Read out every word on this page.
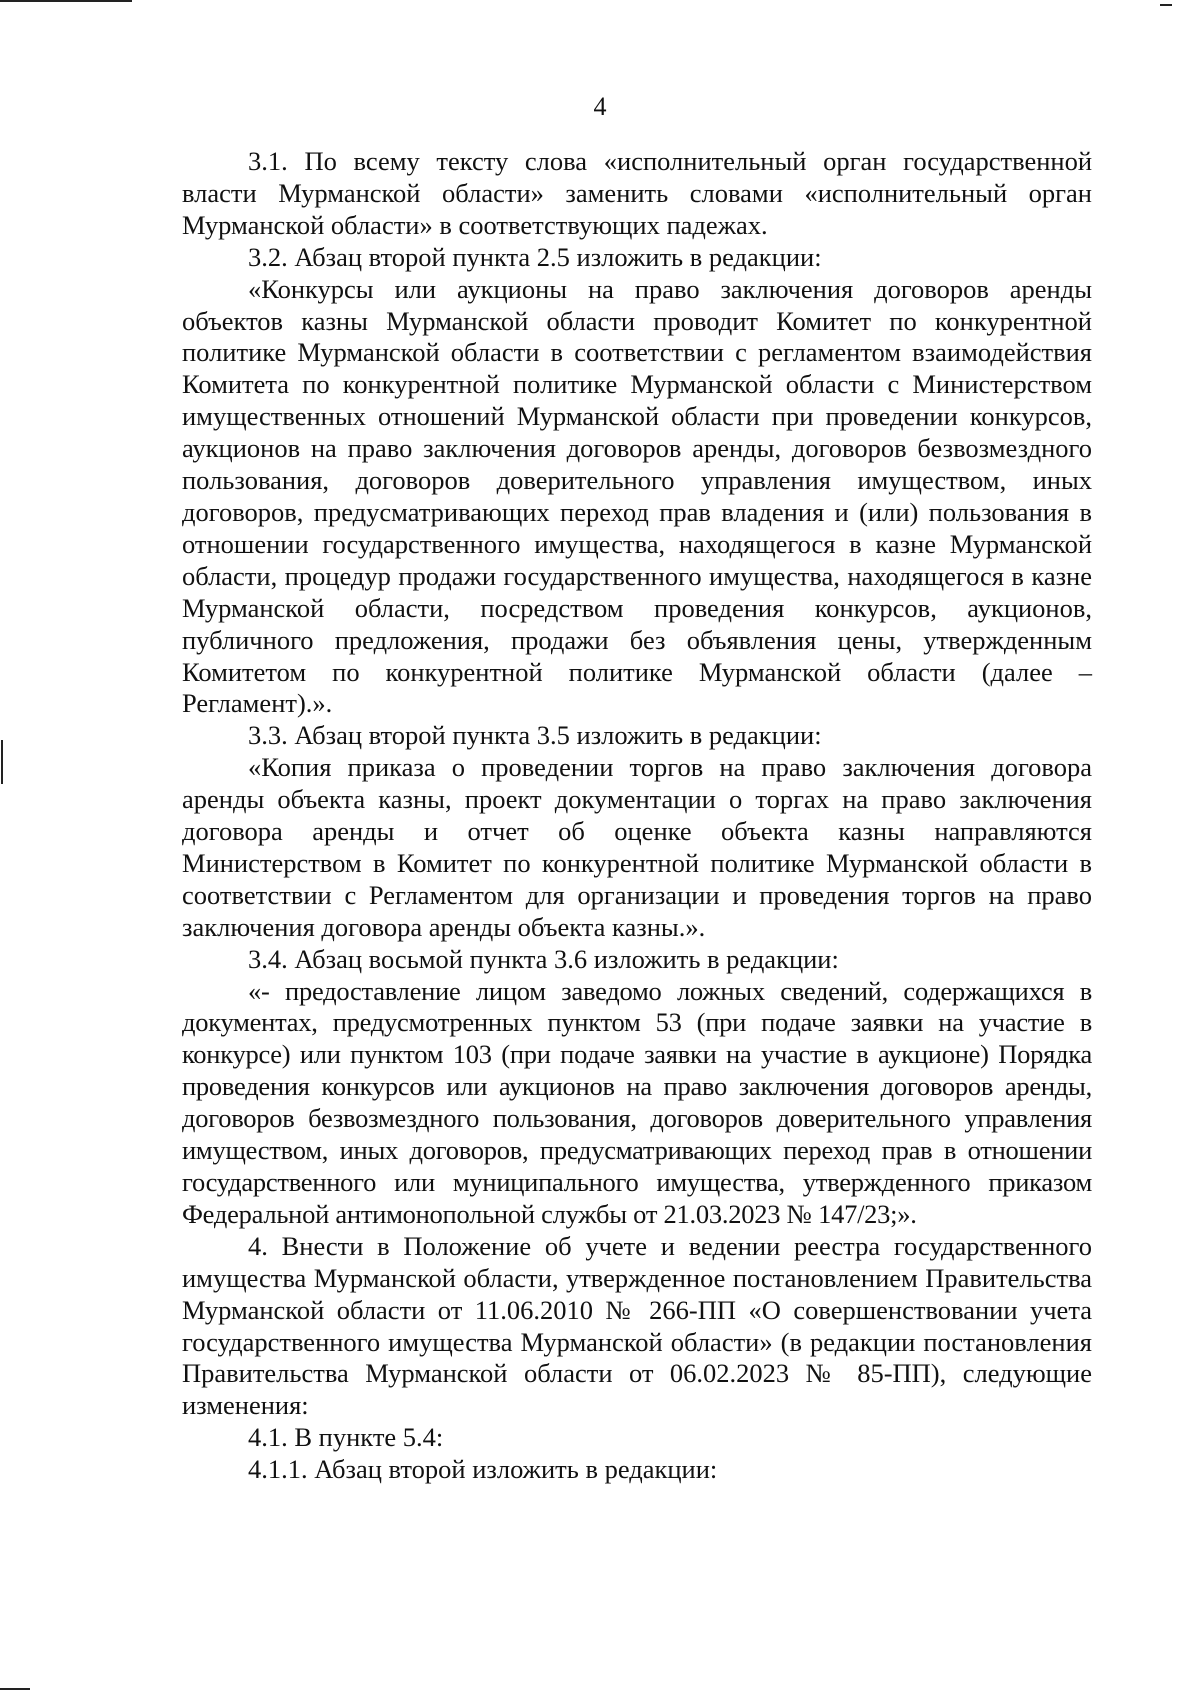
4

3.1. По всему тексту слова «исполнительный орган государственной власти Мурманской области» заменить словами «исполнительный орган Мурманской области» в соответствующих падежах.

3.2. Абзац второй пункта 2.5 изложить в редакции:

«Конкурсы или аукционы на право заключения договоров аренды объектов казны Мурманской области проводит Комитет по конкурентной политике Мурманской области в соответствии с регламентом взаимодействия Комитета по конкурентной политике Мурманской области с Министерством имущественных отношений Мурманской области при проведении конкурсов, аукционов на право заключения договоров аренды, договоров безвозмездного пользования, договоров доверительного управления имуществом, иных договоров, предусматривающих переход прав владения и (или) пользования в отношении государственного имущества, находящегося в казне Мурманской области, процедур продажи государственного имущества, находящегося в казне Мурманской области, посредством проведения конкурсов, аукционов, публичного предложения, продажи без объявления цены, утвержденным Комитетом по конкурентной политике Мурманской области (далее – Регламент).».

3.3. Абзац второй пункта 3.5 изложить в редакции:

«Копия приказа о проведении торгов на право заключения договора аренды объекта казны, проект документации о торгах на право заключения договора аренды и отчет об оценке объекта казны направляются Министерством в Комитет по конкурентной политике Мурманской области в соответствии с Регламентом для организации и проведения торгов на право заключения договора аренды объекта казны.».

3.4. Абзац восьмой пункта 3.6 изложить в редакции:

«- предоставление лицом заведомо ложных сведений, содержащихся в документах, предусмотренных пунктом 53 (при подаче заявки на участие в конкурсе) или пунктом 103 (при подаче заявки на участие в аукционе) Порядка проведения конкурсов или аукционов на право заключения договоров аренды, договоров безвозмездного пользования, договоров доверительного управления имуществом, иных договоров, предусматривающих переход прав в отношении государственного или муниципального имущества, утвержденного приказом Федеральной антимонопольной службы от 21.03.2023 № 147/23;».

4. Внести в Положение об учете и ведении реестра государственного имущества Мурманской области, утвержденное постановлением Правительства Мурманской области от 11.06.2010 № 266-ПП «О совершенствовании учета государственного имущества Мурманской области» (в редакции постановления Правительства Мурманской области от 06.02.2023 № 85-ПП), следующие изменения:

4.1. В пункте 5.4:

4.1.1. Абзац второй изложить в редакции:
